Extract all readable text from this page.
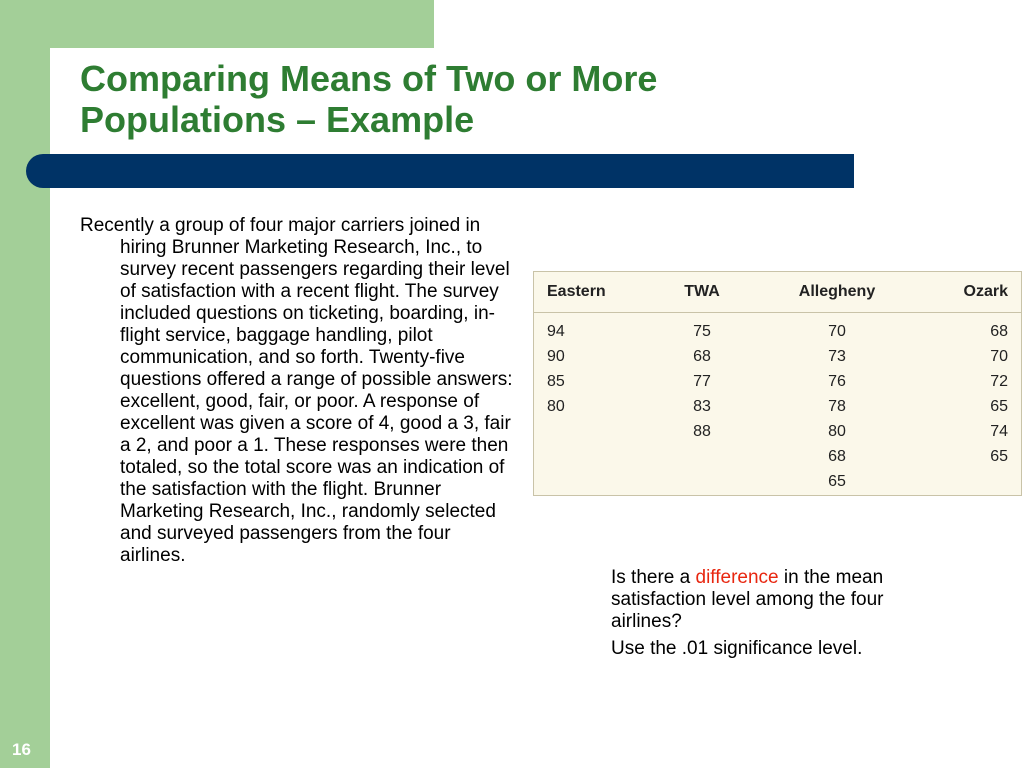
Comparing Means of Two or More
Populations – Example

Recently a group of four major carriers joined in hiring Brunner Marketing Research, Inc., to survey recent passengers regarding their level of satisfaction with a recent flight. The survey included questions on ticketing, boarding, in-flight service, baggage handling, pilot communication, and so forth. Twenty-five questions offered a range of possible answers: excellent, good, fair, or poor. A response of excellent was given a score of 4, good a 3, fair a 2, and poor a 1. These responses were then totaled, so the total score was an indication of the satisfaction with the flight. Brunner Marketing Research, Inc., randomly selected and surveyed passengers from the four airlines.

Eastern	TWA	Allegheny	Ozark
94	75	70	68
90	68	73	70
85	77	76	72
80	83	78	65
	88	80	74
		68	65
		65	

Is there a difference in the mean satisfaction level among the four airlines?

Use the .01 significance level.

16
